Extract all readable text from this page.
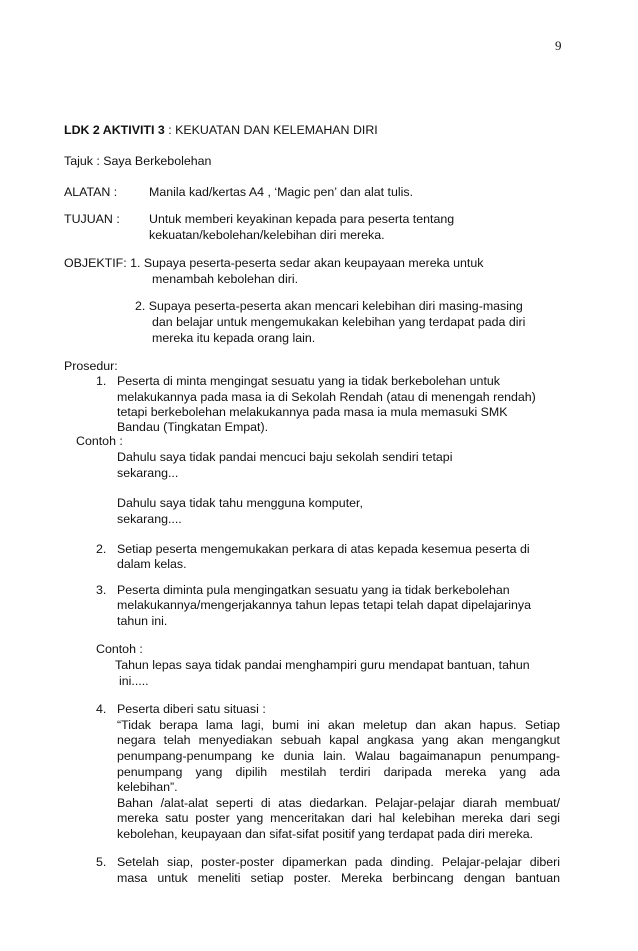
9
LDK 2 AKTIVITI 3 : KEKUATAN DAN KELEMAHAN DIRI
Tajuk : Saya Berkebolehan
ALATAN :	Manila kad/kertas A4 , ‘Magic pen’ dan alat tulis.
TUJUAN : Untuk memberi keyakinan kepada para peserta tentang
kekuatan/kebolehan/kelebihan diri mereka.
OBJEKTIF: 1. Supaya peserta-peserta sedar akan keupayaan mereka untuk
menambah kebolehan diri.
2. Supaya peserta-peserta akan mencari kelebihan diri masing-masing
dan belajar untuk mengemukakan kelebihan yang terdapat pada diri
mereka itu kepada orang lain.
Prosedur:
1. Peserta di minta mengingat sesuatu yang ia tidak berkebolehan untuk
melakukannya pada masa ia di Sekolah Rendah (atau di menengah rendah)
tetapi berkebolehan melakukannya pada masa ia mula memasuki SMK
Bandau (Tingkatan Empat).
Contoh :
Dahulu saya tidak pandai mencuci baju sekolah sendiri tetapi
sekarang...
Dahulu saya tidak tahu mengguna komputer,
sekarang....
2. Setiap peserta mengemukakan perkara di atas kepada kesemua peserta di
dalam kelas.
3. Peserta diminta pula mengingatkan sesuatu yang ia tidak berkebolehan
melakukannya/mengerjakannya tahun lepas tetapi telah dapat dipelajarinya
tahun ini.
Contoh :
Tahun lepas saya tidak pandai menghampiri guru mendapat bantuan, tahun
ini.....
4. Peserta diberi satu situasi :
“Tidak berapa lama lagi, bumi ini akan meletup dan akan hapus. Setiap
negara telah menyediakan sebuah kapal angkasa yang akan mengangkut
penumpang-penumpang ke dunia lain. Walau bagaimanapun penumpang-
penumpang yang dipilih mestilah terdiri daripada mereka yang ada
kelebihan”.
Bahan /alat-alat seperti di atas diedarkan. Pelajar-pelajar diarah membuat/
mereka satu poster yang menceritakan dari hal kelebihan mereka dari segi
kebolehan, keupayaan dan sifat-sifat positif yang terdapat pada diri mereka.
5. Setelah siap, poster-poster dipamerkan pada dinding. Pelajar-pelajar diberi
masa untuk meneliti setiap poster. Mereka berbincang dengan bantuan
